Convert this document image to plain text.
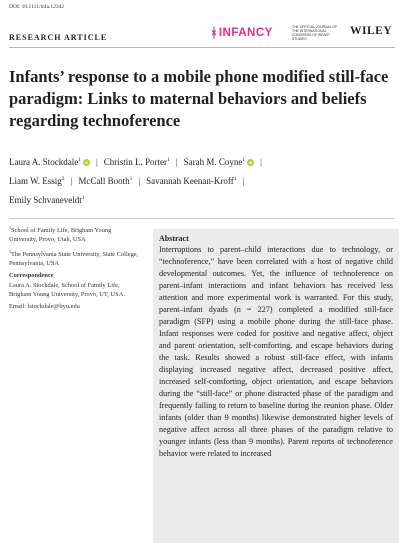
DOI: 10.1111/infa.12342
RESEARCH ARTICLE	ᚼ INFANCY	THE OFFICIAL JOURNAL OF THE INTERNATIONAL CONGRESS OF INFANT STUDIES
WILEY
Infants’ response to a mobile phone modified still-face paradigm: Links to maternal behaviors and beliefs regarding technoference
Laura A. Stockdale$^1$ iD | Christin L. Porter$^1$ | Sarah M. Coyne$^1$ iD |
Liam W. Essig$^2$ | McCall Booth$^1$ | Savannah Keenan-Kroff$^1$ |
Emily Schvaneveldt$^1$

$^1$School of Family Life, Brigham Young University, Provo, Utah, USA

$^2$The Pennsylvania State University, State College, Pennsylvania, USA

Correspondence

Laura A. Stockdale, School of Family Life, Brigham Young University, Provo, UT, USA.

Email: lstockdale@byu.edu

Abstract
Interruptions to parent–child interactions due to technology, or “technoference,” have been correlated with a host of negative child developmental outcomes. Yet, the influence of technoference on parent–infant interactions and infant behaviors has received less attention and more experimental work is warranted. For this study, parent–infant dyads (n = 227) completed a modified still-face paradigm (SFP) using a mobile phone during the still-face phase. Infant responses were coded for positive and negative affect, object and parent orientation, self-comforting, and escape behaviors during the task. Results showed a robust still-face effect, with infants displaying increased negative affect, decreased positive affect, increased self-comforting, object orientation, and escape behaviors during the “still-face” or phone distracted phase of the paradigm and frequently failing to return to baseline during the reunion phase. Older infants (older than 9 months) likewise demonstrated higher levels of negative affect across all three phases of the paradigm relative to younger infants (less than 9 months). Parent reports of technoference behavior were related to increased
